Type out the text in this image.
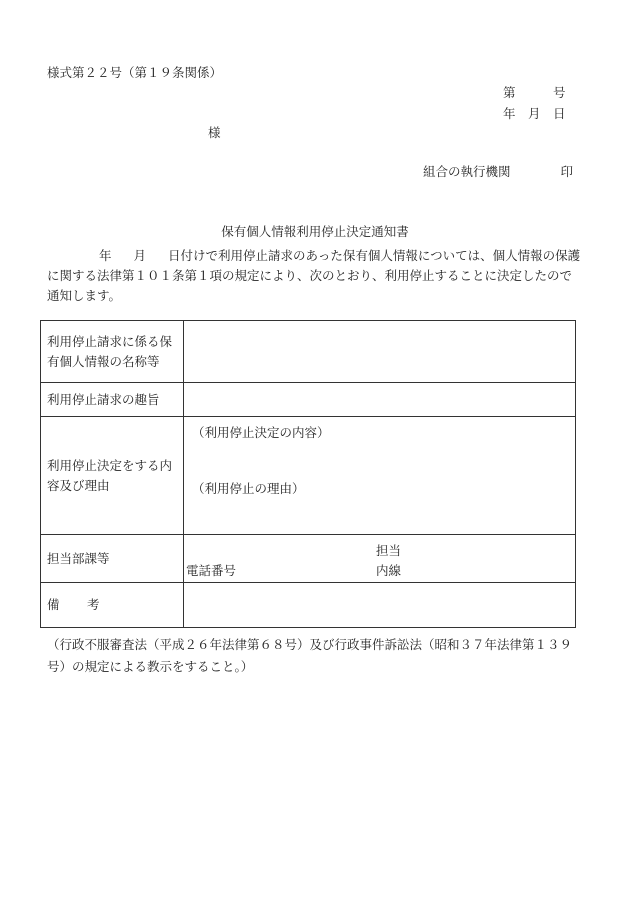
様式第２２号（第１９条関係）
第　　　号
年　月　日
様
組合の執行機関　　　　印
保有個人情報利用停止決定通知書
年 月 日付けで利用停止請求のあった保有個人情報については、個人情報の保護に関する法律第１０１条第１項の規定により、次のとおり、利用停止することに決定したので通知します。
利用停止請求に係る保有個人情報の名称等	
利用停止請求の趣旨	
利用停止決定をする内容及び理由	（利用停止決定の内容）
（利用停止の理由）

担当部課等	担当
電話番号 内線

備 考	
（行政不服審査法（平成２６年法律第６８号）及び行政事件訴訟法（昭和３７年法律第１３９号）の規定による教示をすること。）
